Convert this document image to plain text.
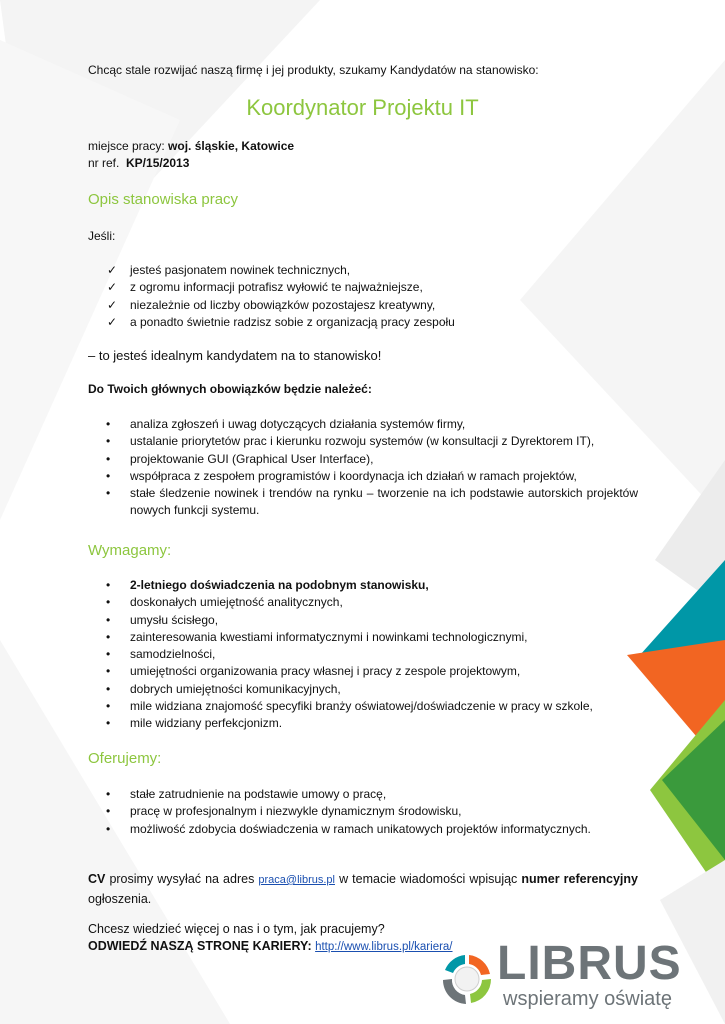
Chcąc stale rozwijać naszą firmę i jej produkty, szukamy Kandydatów na stanowisko:
Koordynator Projektu IT
miejsce pracy: woj. śląskie, Katowice
nr ref.  KP/15/2013
Opis stanowiska pracy
Jeśli:
✓ jesteś pasjonatem nowinek technicznych,
✓ z ogromu informacji potrafisz wyłowić te najważniejsze,
✓ niezależnie od liczby obowiązków pozostajesz kreatywny,
✓ a ponadto świetnie radzisz sobie z organizacją pracy zespołu
– to jesteś idealnym kandydatem na to stanowisko!
Do Twoich głównych obowiązków będzie należeć:
• analiza zgłoszeń i uwag dotyczących działania systemów firmy,
• ustalanie priorytetów prac i kierunku rozwoju systemów (w konsultacji z Dyrektorem IT),
• projektowanie GUI (Graphical User Interface),
• współpraca z zespołem programistów i koordynacja ich działań w ramach projektów,
• stałe śledzenie nowinek i trendów na rynku – tworzenie na ich podstawie autorskich projektów nowych funkcji systemu.
Wymagamy:
• 2-letniego doświadczenia na podobnym stanowisku,
• doskonałych umiejętność analitycznych,
• umysłu ścisłego,
• zainteresowania kwestiami informatycznymi i nowinkami technologicznymi,
• samodzielności,
• umiejętności organizowania pracy własnej i pracy z zespole projektowym,
• dobrych umiejętności komunikacyjnych,
• mile widziana znajomość specyfiki branży oświatowej/doświadczenie w pracy w szkole,
• mile widziany perfekcjonizm.
Oferujemy:
• stałe zatrudnienie na podstawie umowy o pracę,
• pracę w profesjonalnym i niezwykle dynamicznym środowisku,
• możliwość zdobycia doświadczenia w ramach unikatowych projektów informatycznych.
CV prosimy wysyłać na adres praca@librus.pl w temacie wiadomości wpisując numer referencyjny ogłoszenia.
Chcesz wiedzieć więcej o nas i o tym, jak pracujemy?
ODWIEDŹ NASZĄ STRONĘ KARIERY: http://www.librus.pl/kariera/ LIBRUS
wspieramy oświatę
